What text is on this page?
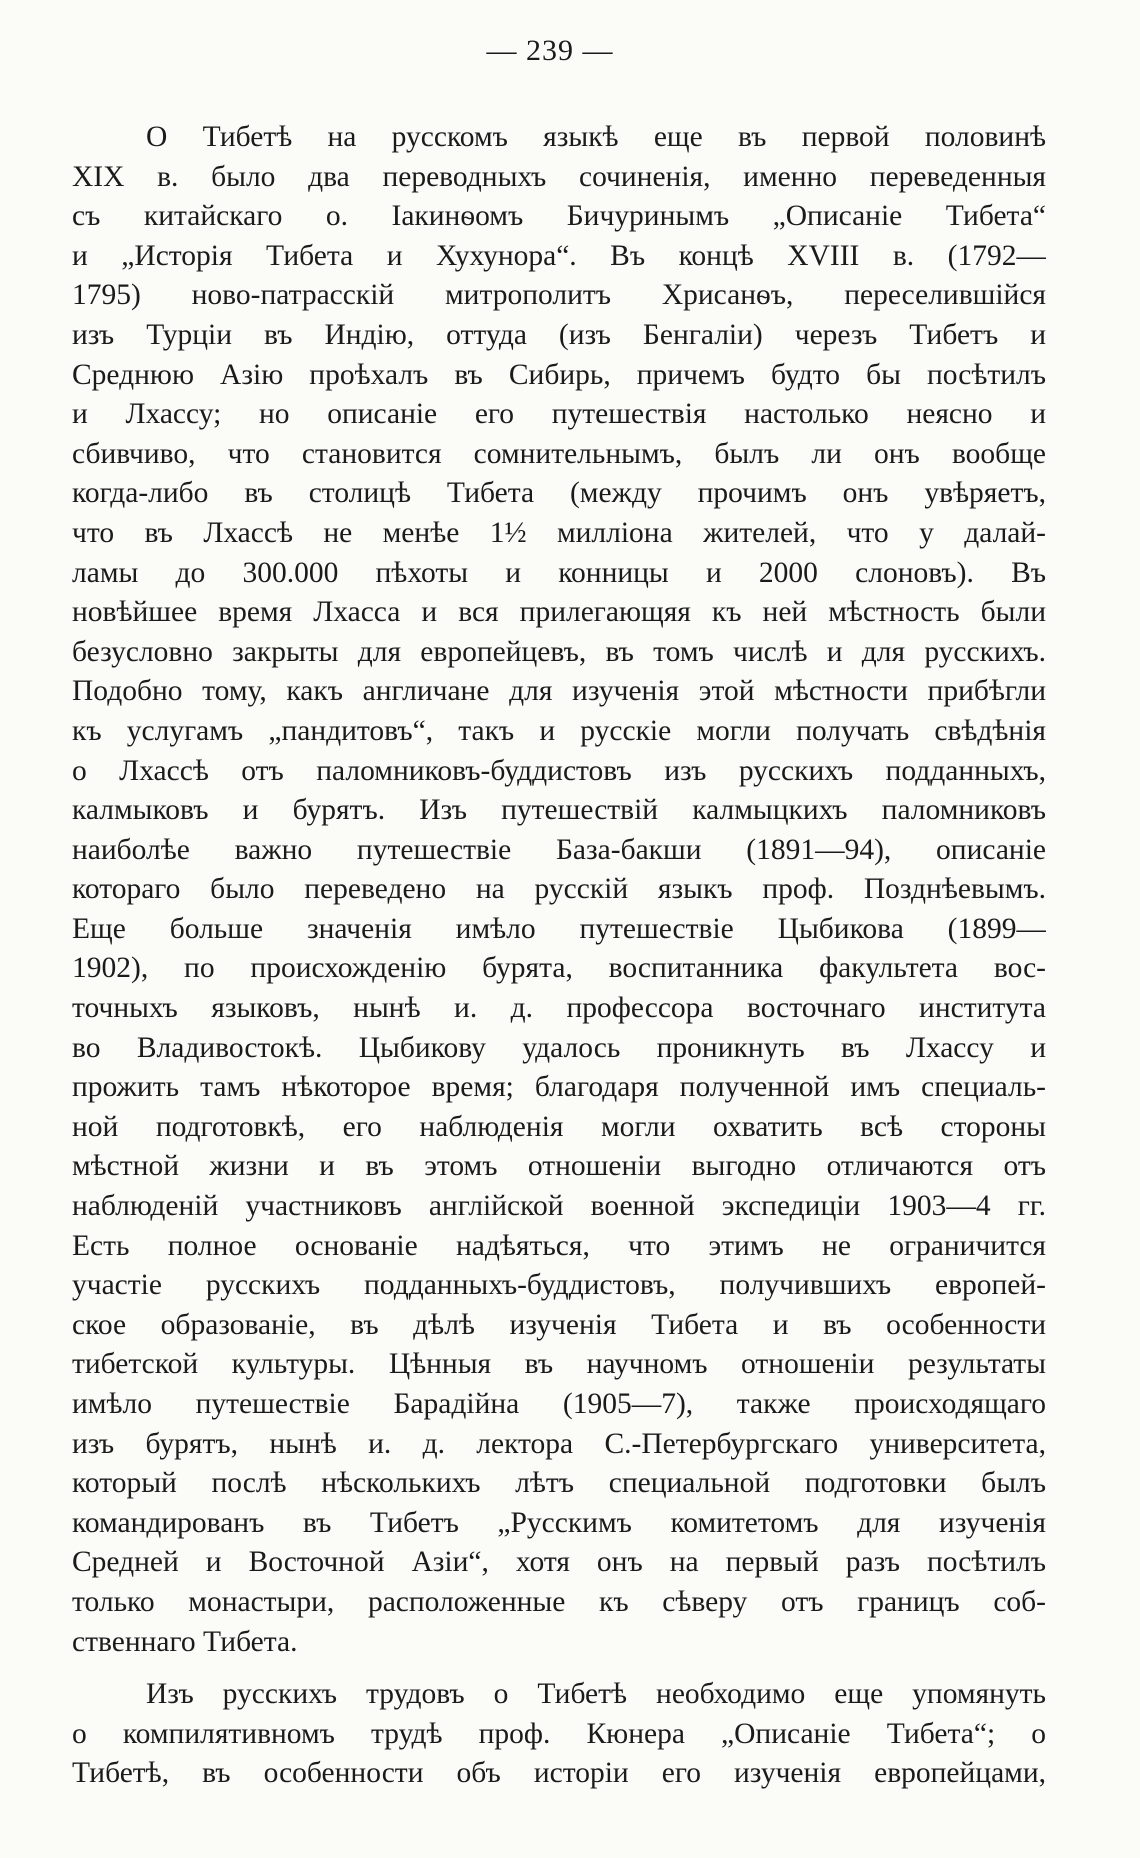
— 239 —
О Тибетѣ на русскомъ языкѣ еще въ первой половинѣ
XIX в. было два переводныхъ сочиненія, именно переведенныя
съ китайскаго о. Іакинѳомъ Бичуринымъ „Описаніе Тибета“
и „Исторія Тибета и Хухунора“. Въ концѣ XVIII в. (1792—
1795) ново-патрасскій митрополитъ Хрисанѳъ, переселившійся
изъ Турціи въ Индію, оттуда (изъ Бенгаліи) черезъ Тибетъ и
Среднюю Азію проѣхалъ въ Сибирь, причемъ будто бы посѣтилъ
и Лхассу; но описаніе его путешествія настолько неясно и
сбивчиво, что становится сомнительнымъ, былъ ли онъ вообще
когда-либо въ столицѣ Тибета (между прочимъ онъ увѣряетъ,
что въ Лхассѣ не менѣе 1½ милліона жителей, что у далай-
ламы до 300.000 пѣхоты и конницы и 2000 слоновъ). Въ
новѣйшее время Лхасса и вся прилегающяя къ ней мѣстность были
безусловно закрыты для европейцевъ, въ томъ числѣ и для русскихъ.
Подобно тому, какъ англичане для изученія этой мѣстности прибѣгли
къ услугамъ „пандитовъ“, такъ и русскіе могли получать свѣдѣнія
о Лхассѣ отъ паломниковъ-буддистовъ изъ русскихъ подданныхъ,
калмыковъ и бурятъ. Изъ путешествій калмыцкихъ паломниковъ
наиболѣе важно путешествіе База-бакши (1891—94), описаніе
котораго было переведено на русскій языкъ проф. Позднѣевымъ.
Еще больше значенія имѣло путешествіе Цыбикова (1899—
1902), по происхожденію бурята, воспитанника факультета вос-
точныхъ языковъ, нынѣ и. д. профессора восточнаго института
во Владивостокѣ. Цыбикову удалось проникнуть въ Лхассу и
прожить тамъ нѣкоторое время; благодаря полученной имъ специаль-
ной подготовкѣ, его наблюденія могли охватить всѣ стороны
мѣстной жизни и въ этомъ отношеніи выгодно отличаются отъ
наблюденій участниковъ англійской военной экспедиціи 1903—4 гг.
Есть полное основаніе надѣяться, что этимъ не ограничится
участіе русскихъ подданныхъ-буддистовъ, получившихъ европей-
ское образованіе, въ дѣлѣ изученія Тибета и въ особенности
тибетской культуры. Цѣнныя въ научномъ отношеніи результаты
имѣло путешествіе Барадійна (1905—7), также происходящаго
изъ бурятъ, нынѣ и. д. лектора С.-Петербургскаго университета,
который послѣ нѣсколькихъ лѣтъ специальной подготовки былъ
командированъ въ Тибетъ „Русскимъ комитетомъ для изученія
Средней и Восточной Азіи“, хотя онъ на первый разъ посѣтилъ
только монастыри, расположенные къ сѣверу отъ границъ соб-
ственнаго Тибета.
Изъ русскихъ трудовъ о Тибетѣ необходимо еще упомянуть
о компилятивномъ трудѣ проф. Кюнера „Описаніе Тибета“; о
Тибетѣ, въ особенности объ исторіи его изученія европейцами,
